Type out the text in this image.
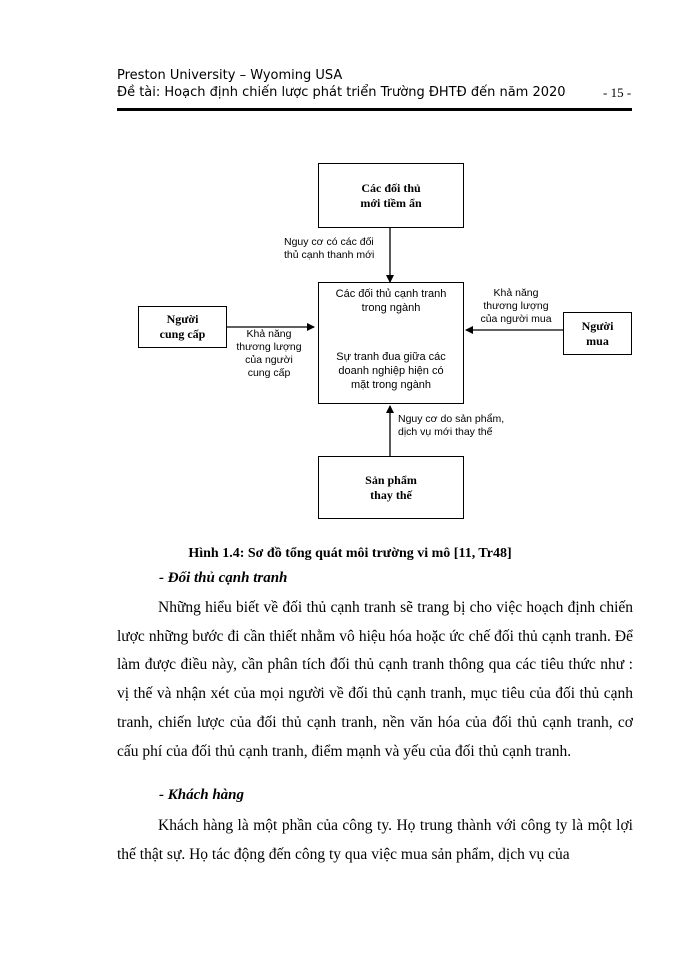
Preston University – Wyoming USA
Đề tài: Hoạch định chiến lược phát triển Trường ĐHTĐ đến năm 2020	- 15 -
Các đối thủ
mới tiềm ẩn
Người
cung cấp
Người
mua
Sản phẩm
thay thế
Các đối thủ cạnh tranh
trong ngành
Sự tranh đua giữa các
doanh nghiệp hiện có
mặt trong ngành
Nguy cơ có các đối
thủ cạnh thanh mới
Khả năng
thương lượng
của người
cung cấp
Khả năng
thương lượng
của người mua
Nguy cơ do sản phẩm,
dịch vụ mới thay thế
Hình 1.4: Sơ đồ tổng quát môi trường vi mô [11, Tr48]
- Đối thủ cạnh tranh

Những hiểu biết về đối thủ cạnh tranh sẽ trang bị cho việc hoạch định chiến lược những bước đi cần thiết nhằm vô hiệu hóa hoặc ức chế đối thủ cạnh tranh. Để làm được điều này, cần phân tích đối thủ cạnh tranh thông qua các tiêu thức như : vị thế và nhận xét của mọi người về đối thủ cạnh tranh, mục tiêu của đối thủ cạnh tranh, chiến lược của đối thủ cạnh tranh, nền văn hóa của đối thủ cạnh tranh, cơ cấu phí của đối thủ cạnh tranh, điểm mạnh và yếu của đối thủ cạnh tranh.

- Khách hàng

Khách hàng là một phần của công ty. Họ trung thành với công ty là một lợi thế thật sự. Họ tác động đến công ty qua việc mua sản phẩm, dịch vụ của
